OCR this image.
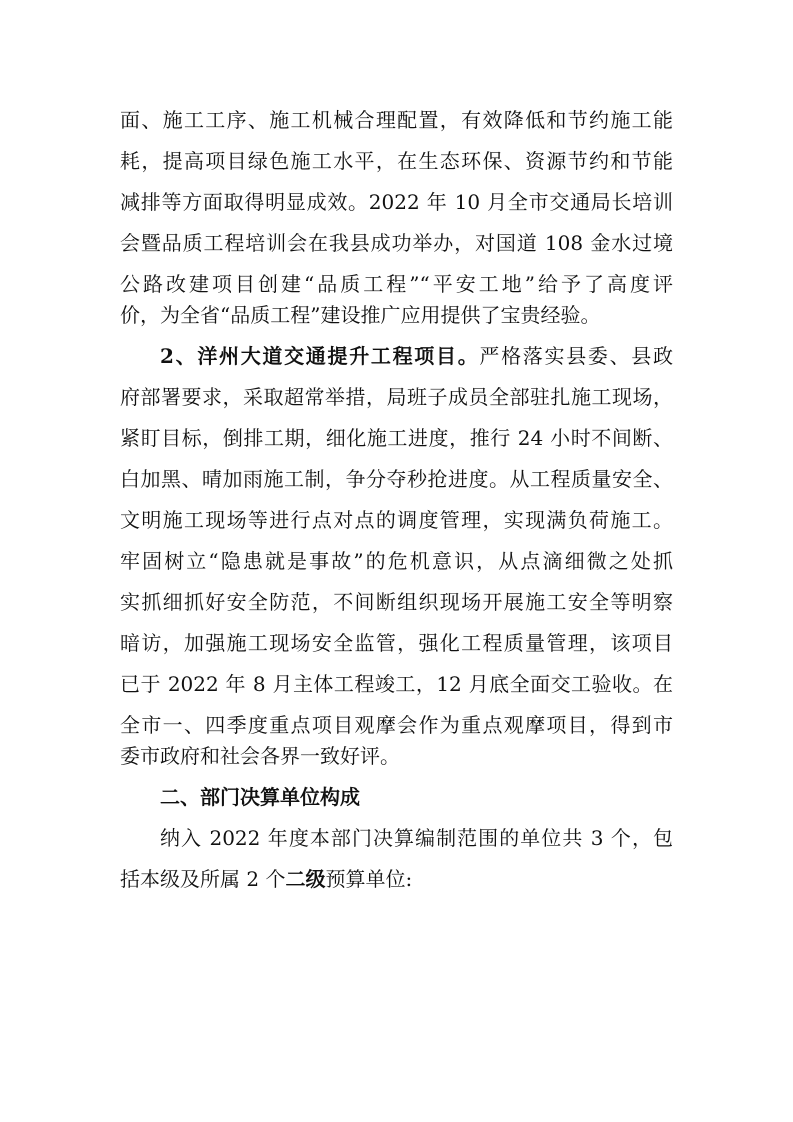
面、施工工序、施工机械合理配置，有效降低和节约施工能
耗，提高项目绿色施工水平，在生态环保、资源节约和节能
减排等方面取得明显成效。2022 年 10 月全市交通局长培训
会暨品质工程培训会在我县成功举办，对国道 108 金水过境
公路改建项目创建“品质工程”“平安工地”给予了高度评
价，为全省“品质工程”建设推广应用提供了宝贵经验。
2、洋州大道交通提升工程项目。严格落实县委、县政
府部署要求，采取超常举措，局班子成员全部驻扎施工现场，
紧盯目标，倒排工期，细化施工进度，推行 24 小时不间断、
白加黑、晴加雨施工制，争分夺秒抢进度。从工程质量安全、
文明施工现场等进行点对点的调度管理，实现满负荷施工。
牢固树立“隐患就是事故”的危机意识，从点滴细微之处抓
实抓细抓好安全防范，不间断组织现场开展施工安全等明察
暗访，加强施工现场安全监管，强化工程质量管理，该项目
已于 2022 年 8 月主体工程竣工，12 月底全面交工验收。在
全市一、四季度重点项目观摩会作为重点观摩项目，得到市
委市政府和社会各界一致好评。
二、部门决算单位构成
纳入 2022 年度本部门决算编制范围的单位共 3 个，包
括本级及所属 2 个二级预算单位:
